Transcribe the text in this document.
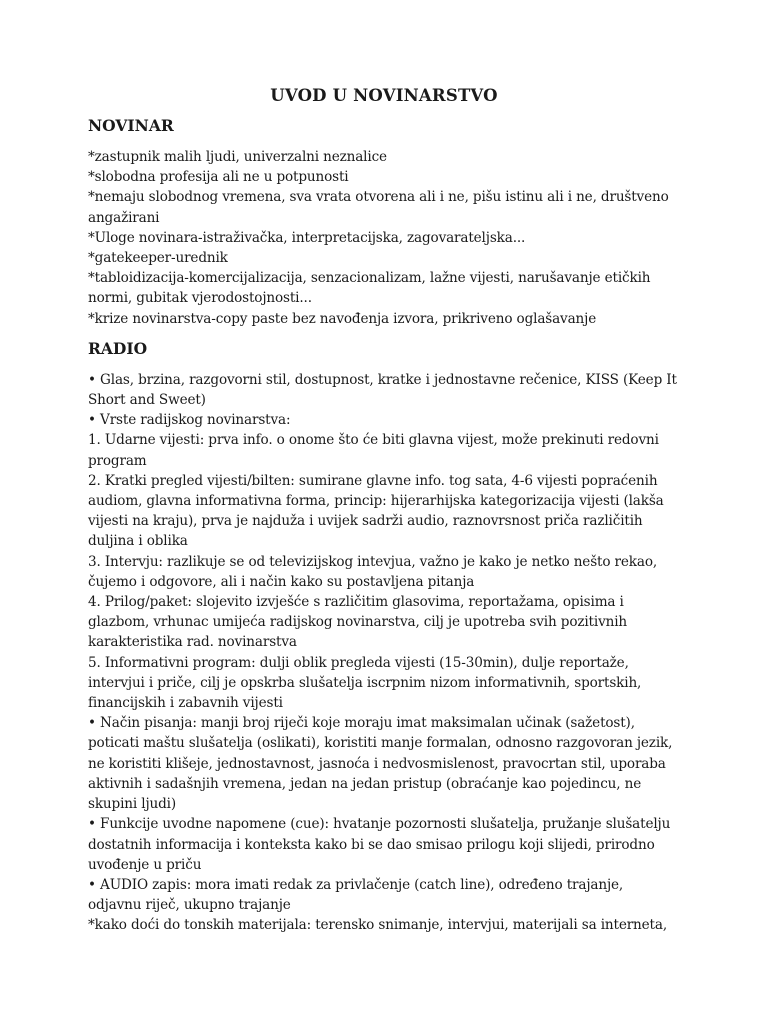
UVOD U NOVINARSTVO
NOVINAR

*zastupnik malih ljudi, univerzalni neznalice

*slobodna profesija ali ne u potpunosti

*nemaju slobodnog vremena, sva vrata otvorena ali i ne, pišu istinu ali i ne, društveno angažirani

*Uloge novinara-istraživačka, interpretacijska, zagovarateljska...

*gatekeeper-urednik

*tabloidizacija-komercijalizacija, senzacionalizam, lažne vijesti, narušavanje etičkih normi, gubitak vjerodostojnosti...

*krize novinarstva-copy paste bez navođenja izvora, prikriveno oglašavanje

RADIO

• Glas, brzina, razgovorni stil, dostupnost, kratke i jednostavne rečenice, KISS (Keep It Short and Sweet)

• Vrste radijskog novinarstva:

1. Udarne vijesti: prva info. o onome što će biti glavna vijest, može prekinuti redovni program

2. Kratki pregled vijesti/bilten: sumirane glavne info. tog sata, 4-6 vijesti popraćenih audiom, glavna informativna forma, princip: hijerarhijska kategorizacija vijesti (lakša vijesti na kraju), prva je najduža i uvijek sadrži audio, raznovrsnost priča različitih duljina i oblika

3. Intervju: razlikuje se od televizijskog intevjua, važno je kako je netko nešto rekao, čujemo i odgovore, ali i način kako su postavljena pitanja

4. Prilog/paket: slojevito izvješće s različitim glasovima, reportažama, opisima i glazbom, vrhunac umijeća radijskog novinarstva, cilj je upotreba svih pozitivnih karakteristika rad. novinarstva

5. Informativni program: dulji oblik pregleda vijesti (15-30min), dulje reportaže, intervjui i priče, cilj je opskrba slušatelja iscrpnim nizom informativnih, sportskih, financijskih i zabavnih vijesti

• Način pisanja: manji broj riječi koje moraju imat maksimalan učinak (sažetost), poticati maštu slušatelja (oslikati), koristiti manje formalan, odnosno razgovoran jezik, ne koristiti klišeje, jednostavnost, jasnoća i nedvosmislenost, pravocrtan stil, uporaba aktivnih i sadašnjih vremena, jedan na jedan pristup (obraćanje kao pojedincu, ne skupini ljudi)

• Funkcije uvodne napomene (cue): hvatanje pozornosti slušatelja, pružanje slušatelju dostatnih informacija i konteksta kako bi se dao smisao prilogu koji slijedi, prirodno uvođenje u priču

• AUDIO zapis: mora imati redak za privlačenje (catch line), određeno trajanje, odjavnu riječ, ukupno trajanje

*kako doći do tonskih materijala: terensko snimanje, intervjui, materijali sa interneta,
